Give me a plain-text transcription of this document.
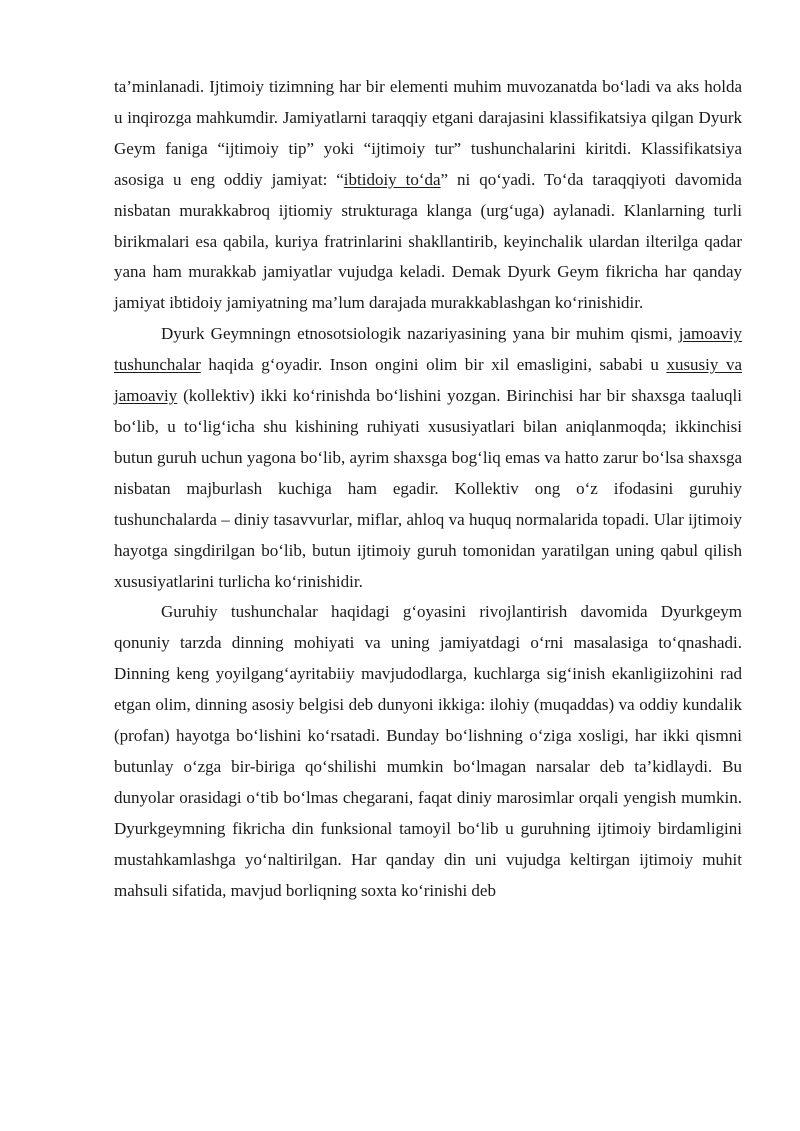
ta’minlanadi. Ijtimoiy tizimning har bir elementi muhim muvozanatda bo‘ladi va aks holda u inqirozga mahkumdir. Jamiyatlarni taraqqiy etgani darajasini klassifikatsiya qilgan Dyurk Geym faniga “ijtimoiy tip” yoki “ijtimoiy tur” tushunchalarini kiritdi. Klassifikatsiya asosiga u eng oddiy jamiyat: “ibtidoiy to‘da” ni qo‘yadi. To‘da taraqqiyoti davomida nisbatan murakkabroq ijtiomiy strukturaga klanga (urg‘uga) aylanadi. Klanlarning turli birikmalari esa qabila, kuriya fratrinlarini shakllantirib, keyinchalik ulardan ilterilga qadar yana ham murakkab jamiyatlar vujudga keladi. Demak Dyurk Geym fikricha har qanday jamiyat ibtidoiy jamiyatning ma’lum darajada murakkablashgan ko‘rinishidir.

Dyurk Geymningn etnosotsiologik nazariyasining yana bir muhim qismi, jamoaviy tushunchalar haqida g‘oyadir. Inson ongini olim bir xil emasligini, sababi u xususiy va jamoaviy (kollektiv) ikki ko‘rinishda bo‘lishini yozgan. Birinchisi har bir shaxsga taaluqli bo‘lib, u to‘lig‘icha shu kishining ruhiyati xususiyatlari bilan aniqlanmoqda; ikkinchisi butun guruh uchun yagona bo‘lib, ayrim shaxsga bog‘liq emas va hatto zarur bo‘lsa shaxsga nisbatan majburlash kuchiga ham egadir. Kollektiv ong o‘z ifodasini guruhiy tushunchalarda – diniy tasavvurlar, miflar, ahloq va huquq normalarida topadi. Ular ijtimoiy hayotga singdirilgan bo‘lib, butun ijtimoiy guruh tomonidan yaratilgan uning qabul qilish xususiyatlarini turlicha ko‘rinishidir.

Guruhiy tushunchalar haqidagi g‘oyasini rivojlantirish davomida Dyurkgeym qonuniy tarzda dinning mohiyati va uning jamiyatdagi o‘rni masalasiga to‘qnashadi. Dinning keng yoyilgang‘ayritabiiy mavjudodlarga, kuchlarga sig‘inish ekanligiizohini rad etgan olim, dinning asosiy belgisi deb dunyoni ikkiga: ilohiy (muqaddas) va oddiy kundalik (profan) hayotga bo‘lishini ko‘rsatadi. Bunday bo‘lishning o‘ziga xosligi, har ikki qismni butunlay o‘zga bir-biriga qo‘shilishi mumkin bo‘lmagan narsalar deb ta’kidlaydi. Bu dunyolar orasidagi o‘tib bo‘lmas chegarani, faqat diniy marosimlar orqali yengish mumkin. Dyurkgeymning fikricha din funksional tamoyil bo‘lib u guruhning ijtimoiy birdamligini mustahkamlashga yo‘naltirilgan. Har qanday din uni vujudga keltirgan ijtimoiy muhit mahsuli sifatida, mavjud borliqning soxta ko‘rinishi deb
